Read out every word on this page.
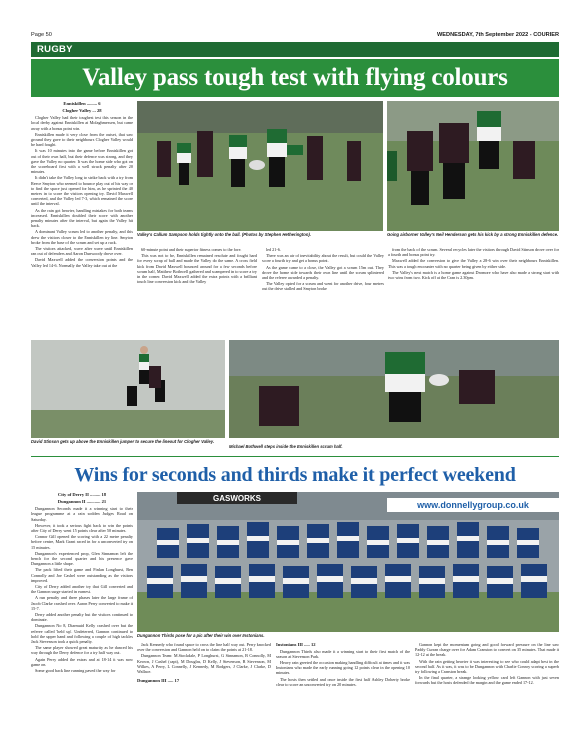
Page 50	WEDNESDAY, 7th September 2022 - COURIER
RUGBY
Valley pass tough test with flying colours

Enniskillen ......... 6

Clogher Valley ... 28

Clogher Valley had their toughest test this season in the local derby against Enniskillen at Molaghmessen, but came away with a bonus point win.

Enniskillen made it very close from the outset, that saw ground they gave to their neighbours Clogher Valley would be hard fought.

It was 10 minutes into the game before Enniskillen got out of their own half, but their defence was strong, and they gave the Valley no quarter. It was the home side who got on the scoreboard first with a well struck penalty after 20 minutes.

It didn't take the Valley long to strike back with a try from Reece Smyton who seemed to bounce play out of his way or to find the space just opened for him, as he sprinted the 40 metres in to score the visitors opening try. David Maxwell converted, and the Valley led 7-3, which remained the score until the interval.

As the rain got heavier, handling mistakes for both teams increased. Enniskillen doubled their score with another penalty minutes after the interval, but again the Valley hit back.

A dominant Valley scrum led to another penalty, and this drew the visitors closer to the Enniskillen try line. Smyton broke from the base of the scrum and set up a ruck.

The visitors attacked, wave after wave until Enniskillen ran out of defenders and Aaron Dunwoody drove over.

David Maxwell added the conversion points and the Valley led 14-6. Normally the Valley take out at the

Valley's Callum Sampson holds tightly onto the ball. (Photos by Stephen Hetherington).	Going airborne! Valley's Neil Henderson gets his kick by a strong Enniskillen defence.

60-minute point and their superior fitness comes to the fore.

This was not to be, Enniskillen remained resolute and fought hard for every scrap of ball and made the Valley do the same. A cross field kick from David Maxwell bounced around for a few seconds before scrum half, Matthew Bothwell gathered and scampered in to score a try in the corner. David Maxwell added the extra points with a brilliant touch line conversion kick and the Valley

led 21-6.

There was an air of inevitability about the result, but could the Valley score a fourth try and get a bonus point.

As the game came to a close, the Valley got a scrum 15m out. They drove the home side towards their own line until the scrum splintered and the referee awarded a penalty.

The Valley opted for a scrum and went for another drive, four metres out the drive stalled and Smyton broke

from the back of the scrum. Several recycles later the visitors through David Stinson drove over for a fourth and bonus point try.

Maxwell added the conversion to give the Valley a 28-6 win over their neighbours Enniskillen. This was a tough encounter with no quarter being given by either side.

The Valley's next match is a home game against Dromore who have also made a strong start with two wins from two. Kick off at the Cran is 2.30pm.

David Stinson gets up above the Enniskillen jumper to secure the lineout for Clogher Valley.
Michael Bothwell steps inside the Enniskillen scrum half.
Wins for seconds and thirds make it perfect weekend

City of Derry II ......... 18

Dungannon II ............ 21

Dungannon Seconds made it a winning start to their league programme at a rain sodden Judges Road on Saturday.

However, it took a serious fight back to win the points after City of Derry went 15 points clear after 50 minutes.

Connor Gill opened the scoring with a 22 metre penalty before centre, Mark Grant raced in for a unconverted try on 15 minutes.

Dungannon's experienced prop, Glen Sinnamon left the bench for the second quarter and his presence gave Dungannon a little shape.

The pack lifted their game and Finlan Longhurst, Ben Connolly and Joe Cashel were outstanding as the visitors improved.

City of Derry added another try that Gill converted and the Gannon surge started in earnest.

A run penalty and three phases later the large frame of Jacob Clarke crashed over. Aaron Perry converted to make it 15-7.

Derry added another penalty but the visitors continued to dominate.

Dungannon No 8, Diarmuid Kelly crashed over but the referee called 'held up'. Undeterred, Gannon continued to hold the upper hand and following a couple of high tackles Jack Stevenson took a quick penalty.

The same player showed great maturity as he danced his way through the Derry defence for a try half way out.

Again Perry added the extras and at 18-14 it was now game on.

Some good back line running paved the way for

GASWORKS
www.donnellygroup.co.uk
Dungannon Thirds pose for a pic after their win over Instonians.

Jack Kennedy who found space to cross the line half way out. Perry knocked over the conversion and Gannon held on to claim the points at 21-18.

Dungannon Team: M.Stockdale, P Longhurst, G Sinnamon, B Connolly, M Keown, J Cashel (capt), M Douglas, D Kelly, J Stevenson, R Stevenson, M Wilkes, A Perry, L Connelly, J Kennedy, M Rodgers, J Clarke, J Clarke, D Wallace.

Dungannon III ..... 17

Instonians III ..... 12

Dungannon Thirds also made it a winning start to their first match of the season at Stevenson Park.

Heavy rain greeted the occasion making handling difficult at times and it was Instonians who made the early running going 12 points clear in the opening 10 minutes.

The hosts then settled and once inside the first half Ashley Doherty broke clear to score an unconverted try on 20 minutes.

Gannon kept the momentum going and good forward pressure on the line saw Paddy Curran charge over for Adam Cranston to convert on 35 minutes. That made it 12-12 at the break.

With the rain getting heavier it was interesting to see who could adapt best in the second half. As it was, it was to be Dungannon with Charlie Conroy scoring a superb try following a Cranston break.

In the final quarter, a strange looking yellow card left Gannon with just seven forwards but the hosts defended the margin and the game ended 17-12.
